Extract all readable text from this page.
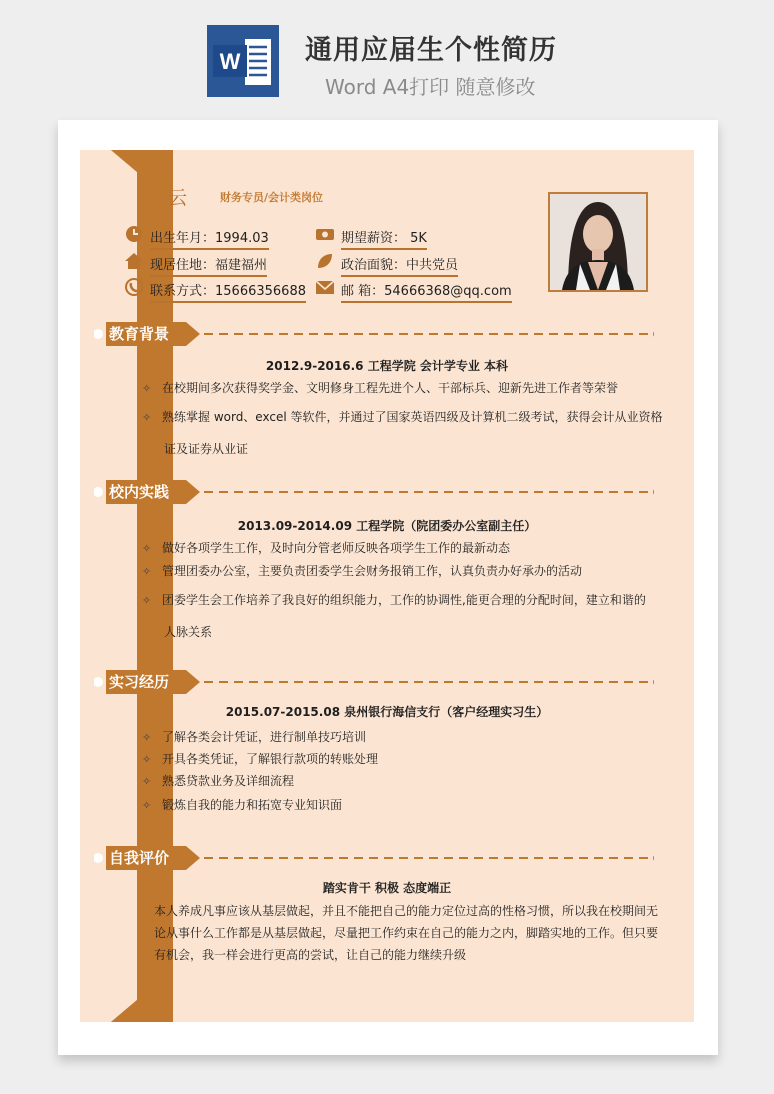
W 通用应届生个性简历
Word A4打印 随意修改
云	财务专员/会计类岗位
出生年月：1994.03	期望薪资： 5K
现居住地：福建福州	政治面貌：中共党员
联系方式：15666356688	邮 箱：54666368@qq.com
教育背景
2012.9-2016.6 工程学院 会计学专业 本科
✧ 在校期间多次获得奖学金、文明修身工程先进个人、干部标兵、迎新先进工作者等荣誉
✧ 熟练掌握 word、excel 等软件，并通过了国家英语四级及计算机二级考试，获得会计从业资格
证及证券从业证
校内实践
2013.09-2014.09 工程学院（院团委办公室副主任）
✧ 做好各项学生工作，及时向分管老师反映各项学生工作的最新动态
✧ 管理团委办公室，主要负责团委学生会财务报销工作，认真负责办好承办的活动
✧ 团委学生会工作培养了我良好的组织能力，工作的协调性,能更合理的分配时间，建立和谐的
人脉关系
实习经历
2015.07-2015.08 泉州银行海信支行（客户经理实习生）
✧ 了解各类会计凭证，进行制单技巧培训
✧ 开具各类凭证，了解银行款项的转账处理
✧ 熟悉贷款业务及详细流程
✧ 锻炼自我的能力和拓宽专业知识面
自我评价
踏实肯干 积极 态度端正
本人养成凡事应该从基层做起，并且不能把自己的能力定位过高的性格习惯，所以我在校期间无
论从事什么工作都是从基层做起，尽量把工作约束在自己的能力之内，脚踏实地的工作。但只要
有机会，我一样会进行更高的尝试，让自己的能力继续升级
